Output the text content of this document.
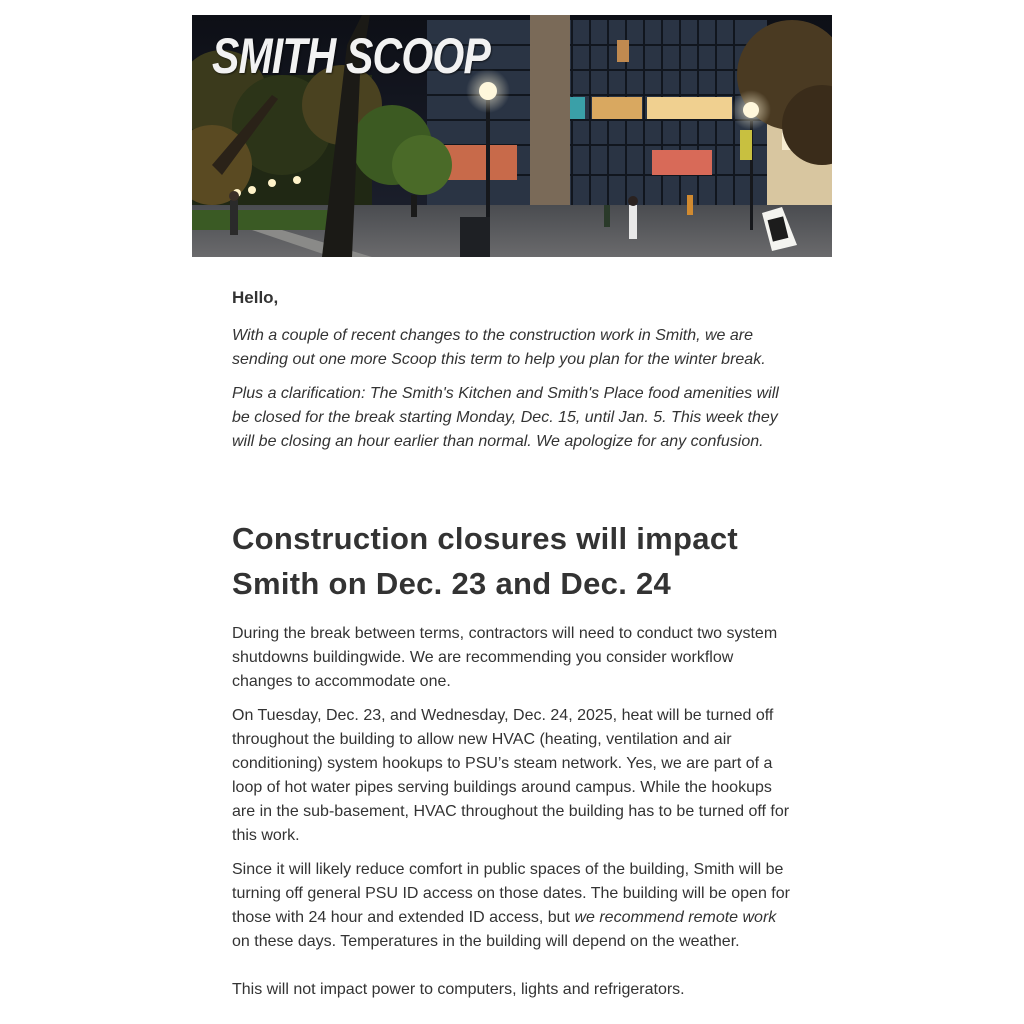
SMITH SCOOP
Hello,

With a couple of recent changes to the construction work in Smith, we are sending out one more Scoop this term to help you plan for the winter break.

Plus a clarification: The Smith's Kitchen and Smith's Place food amenities will be closed for the break starting Monday, Dec. 15, until Jan. 5. This week they will be closing an hour earlier than normal. We apologize for any confusion.

Construction closures will impact Smith on Dec. 23 and Dec. 24

During the break between terms, contractors will need to conduct two system shutdowns buildingwide. We are recommending you consider workflow changes to accommodate one.

On Tuesday, Dec. 23, and Wednesday, Dec. 24, 2025, heat will be turned off throughout the building to allow new HVAC (heating, ventilation and air conditioning) system hookups to PSU’s steam network. Yes, we are part of a loop of hot water pipes serving buildings around campus. While the hookups are in the sub-basement, HVAC throughout the building has to be turned off for this work.

Since it will likely reduce comfort in public spaces of the building, Smith will be turning off general PSU ID access on those dates. The building will be open for those with 24 hour and extended ID access, but we recommend remote work on these days. Temperatures in the building will depend on the weather.

This will not impact power to computers, lights and refrigerators.
